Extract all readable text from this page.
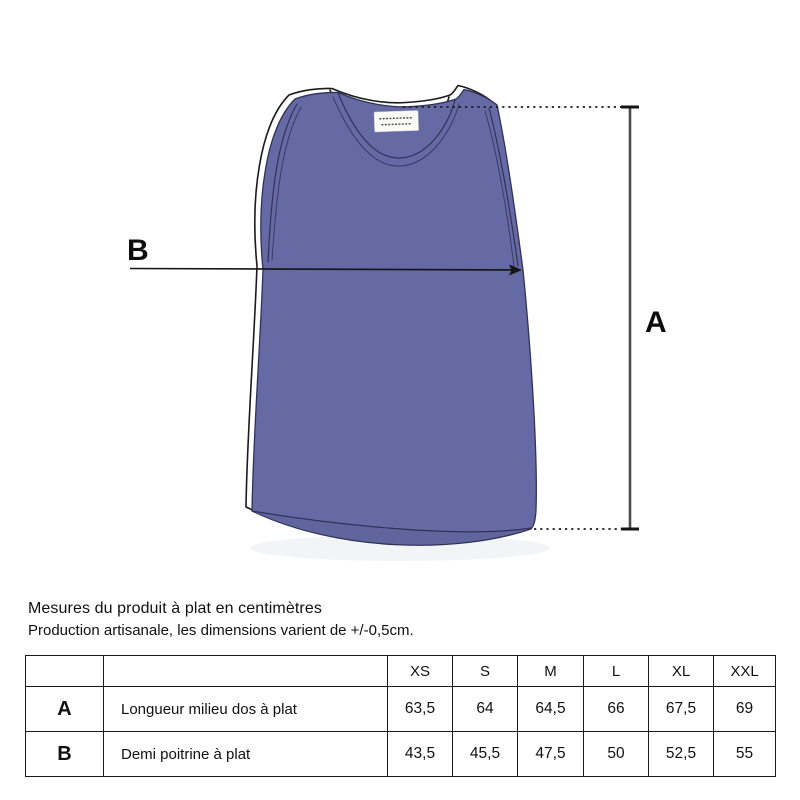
A
B

Mesures du produit à plat en centimètres

Production artisanale, les dimensions varient de +/-0,5cm.

		XS	S	M	L	XL	XXL
A	Longueur milieu dos à plat	63,5	64	64,5	66	67,5	69
B	Demi poitrine à plat	43,5	45,5	47,5	50	52,5	55
